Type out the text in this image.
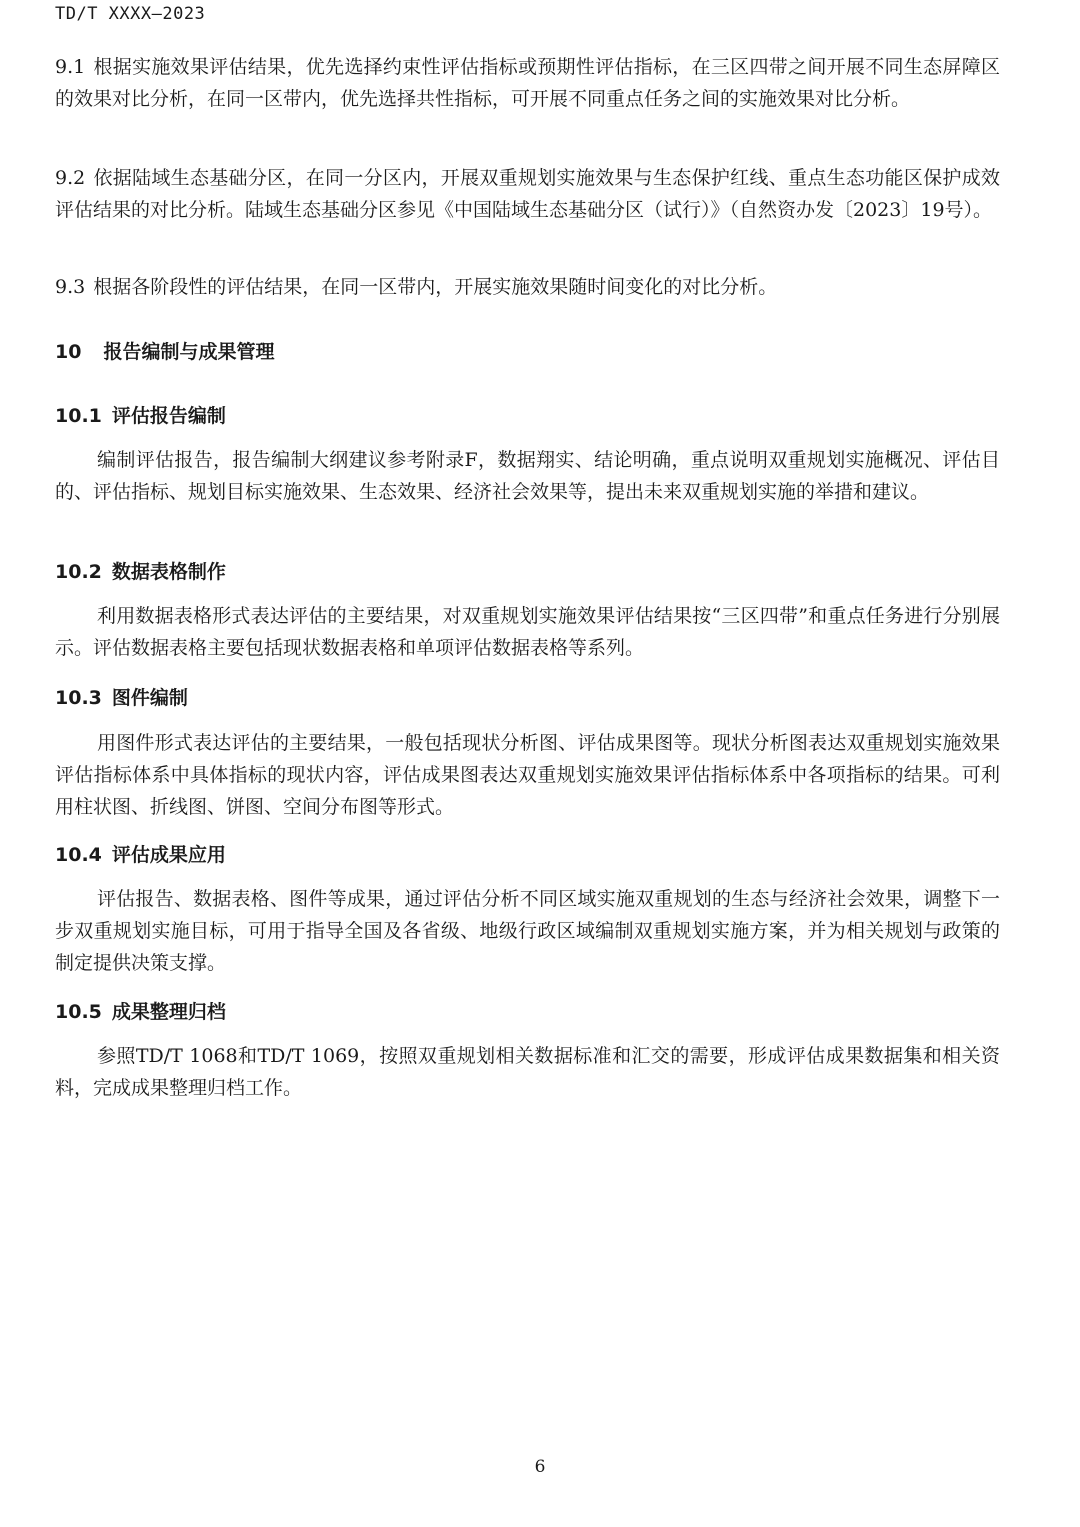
TD/T XXXX—2023

9.1 根据实施效果评估结果，优先选择约束性评估指标或预期性评估指标，在三区四带之间开展不同生态屏障区的效果对比分析，在同一区带内，优先选择共性指标，可开展不同重点任务之间的实施效果对比分析。

9.2 依据陆域生态基础分区，在同一分区内，开展双重规划实施效果与生态保护红线、重点生态功能区保护成效评估结果的对比分析。陆域生态基础分区参见《中国陆域生态基础分区（试行）》（自然资办发〔2023〕19号）。

9.3 根据各阶段性的评估结果，在同一区带内，开展实施效果随时间变化的对比分析。

10 报告编制与成果管理
10.1 评估报告编制

编制评估报告，报告编制大纲建议参考附录F，数据翔实、结论明确，重点说明双重规划实施概况、评估目的、评估指标、规划目标实施效果、生态效果、经济社会效果等，提出未来双重规划实施的举措和建议。

10.2 数据表格制作

利用数据表格形式表达评估的主要结果，对双重规划实施效果评估结果按“三区四带”和重点任务进行分别展示。评估数据表格主要包括现状数据表格和单项评估数据表格等系列。

10.3 图件编制

用图件形式表达评估的主要结果，一般包括现状分析图、评估成果图等。现状分析图表达双重规划实施效果评估指标体系中具体指标的现状内容，评估成果图表达双重规划实施效果评估指标体系中各项指标的结果。可利用柱状图、折线图、饼图、空间分布图等形式。

10.4 评估成果应用

评估报告、数据表格、图件等成果，通过评估分析不同区域实施双重规划的生态与经济社会效果，调整下一步双重规划实施目标，可用于指导全国及各省级、地级行政区域编制双重规划实施方案，并为相关规划与政策的制定提供决策支撑。

10.5 成果整理归档

参照TD/T 1068和TD/T 1069，按照双重规划相关数据标准和汇交的需要，形成评估成果数据集和相关资料，完成成果整理归档工作。

6
